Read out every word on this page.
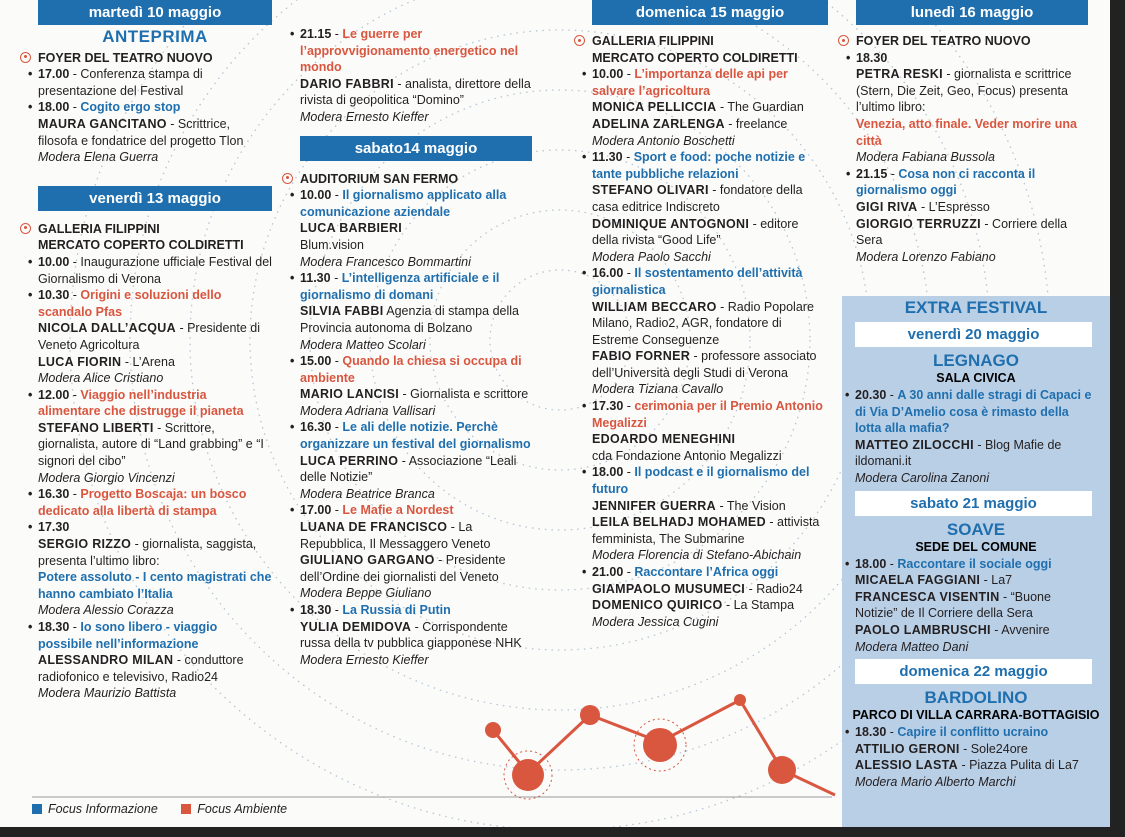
martedì 10 maggio
ANTEPRIMA
FOYER DEL TEATRO NUOVO
• 17.00 - Conferenza stampa di presentazione del Festival
• 18.00 - Cogito ergo stop
MAURA GANCITANO - Scrittrice, filosofa e fondatrice del progetto Tlon
Modera Elena Guerra
venerdì 13 maggio
GALLERIA FILIPPINI
MERCATO COPERTO COLDIRETTI
• 10.00 - Inaugurazione ufficiale Festival del Giornalismo di Verona
• 10.30 - Origini e soluzioni dello scandalo Pfas
NICOLA DALL’ACQUA - Presidente di Veneto Agricoltura
LUCA FIORIN - L’Arena
Modera Alice Cristiano
• 12.00 - Viaggio nell’industria alimentare che distrugge il pianeta
STEFANO LIBERTI - Scrittore, giornalista, autore di “Land grabbing” e “I signori del cibo”
Modera Giorgio Vincenzi
• 16.30 - Progetto Boscaja: un bosco dedicato alla libertà di stampa
• 17.30
SERGIO RIZZO - giornalista, saggista, presenta l’ultimo libro:
Potere assoluto - I cento magistrati che hanno cambiato l’Italia
Modera Alessio Corazza
• 18.30 - Io sono libero - viaggio possibile nell’informazione
ALESSANDRO MILAN - conduttore radiofonico e televisivo, Radio24
Modera Maurizio Battista
• 21.15 - Le guerre per l’approvvigionamento energetico nel mondo
DARIO FABBRI - analista, direttore della rivista di geopolitica “Domino”
Modera Ernesto Kieffer
sabato14 maggio
AUDITORIUM SAN FERMO
• 10.00 - Il giornalismo applicato alla comunicazione aziendale
LUCA BARBIERI
Blum.vision
Modera Francesco Bommartini
• 11.30 - L’intelligenza artificiale e il giornalismo di domani
SILVIA FABBI Agenzia di stampa della Provincia autonoma di Bolzano
Modera Matteo Scolari
• 15.00 - Quando la chiesa si occupa di ambiente
MARIO LANCISI - Giornalista e scrittore
Modera Adriana Vallisari
• 16.30 - Le ali delle notizie. Perchè organizzare un festival del giornalismo
LUCA PERRINO - Associazione “Leali delle Notizie”
Modera Beatrice Branca
• 17.00 - Le Mafie a Nordest
LUANA DE FRANCISCO - La Repubblica, Il Messaggero Veneto
GIULIANO GARGANO - Presidente dell’Ordine dei giornalisti del Veneto
Modera Beppe Giuliano
• 18.30 - La Russia di Putin
YULIA DEMIDOVA - Corrispondente russa della tv pubblica giapponese NHK
Modera Ernesto Kieffer
domenica 15 maggio
GALLERIA FILIPPINI
MERCATO COPERTO COLDIRETTI
• 10.00 - L’importanza delle api per salvare l’agricoltura
MONICA PELLICCIA - The Guardian
ADELINA ZARLENGA - freelance
Modera Antonio Boschetti
• 11.30 - Sport e food: poche notizie e tante pubbliche relazioni
STEFANO OLIVARI - fondatore della casa editrice Indiscreto
DOMINIQUE ANTOGNONI - editore della rivista “Good Life”
Modera Paolo Sacchi
• 16.00 - Il sostentamento dell’attività giornalistica
WILLIAM BECCARO - Radio Popolare Milano, Radio2, AGR, fondatore di Estreme Conseguenze
FABIO FORNER - professore associato dell’Università degli Studi di Verona
Modera Tiziana Cavallo
• 17.30 - cerimonia per il Premio Antonio Megalizzi
EDOARDO MENEGHINI
cda Fondazione Antonio Megalizzi
• 18.00 - Il podcast e il giornalismo del futuro
JENNIFER GUERRA - The Vision
LEILA BELHADJ MOHAMED - attivista femminista, The Submarine
Modera Florencia di Stefano-Abichain
• 21.00 - Raccontare l’Africa oggi
GIAMPAOLO MUSUMECI - Radio24
DOMENICO QUIRICO - La Stampa
Modera Jessica Cugini
lunedì 16 maggio
FOYER DEL TEATRO NUOVO
• 18.30
PETRA RESKI - giornalista e scrittrice (Stern, Die Zeit, Geo, Focus) presenta l’ultimo libro:
Venezia, atto finale. Veder morire una città
Modera Fabiana Bussola
• 21.15 - Cosa non ci racconta il giornalismo oggi
GIGI RIVA - L’Espresso
GIORGIO TERRUZZI - Corriere della Sera
Modera Lorenzo Fabiano
EXTRA FESTIVAL
venerdì 20 maggio
LEGNAGO
SALA CIVICA
• 20.30 - A 30 anni dalle stragi di Capaci e di Via D’Amelio cosa è rimasto della lotta alla mafia?
MATTEO ZILOCCHI - Blog Mafie de ildomani.it
Modera Carolina Zanoni
sabato 21 maggio
SOAVE
SEDE DEL COMUNE
• 18.00 - Raccontare il sociale oggi
MICAELA FAGGIANI - La7
FRANCESCA VISENTIN - “Buone Notizie” de Il Corriere della Sera
PAOLO LAMBRUSCHI - Avvenire
Modera Matteo Dani
domenica 22 maggio
BARDOLINO
PARCO DI VILLA CARRARA-BOTTAGISIO
• 18.30 - Capire il conflitto ucraino
ATTILIO GERONI - Sole24ore
ALESSIO LASTA - Piazza Pulita di La7
Modera Mario Alberto Marchi
Focus Informazione	Focus Ambiente
